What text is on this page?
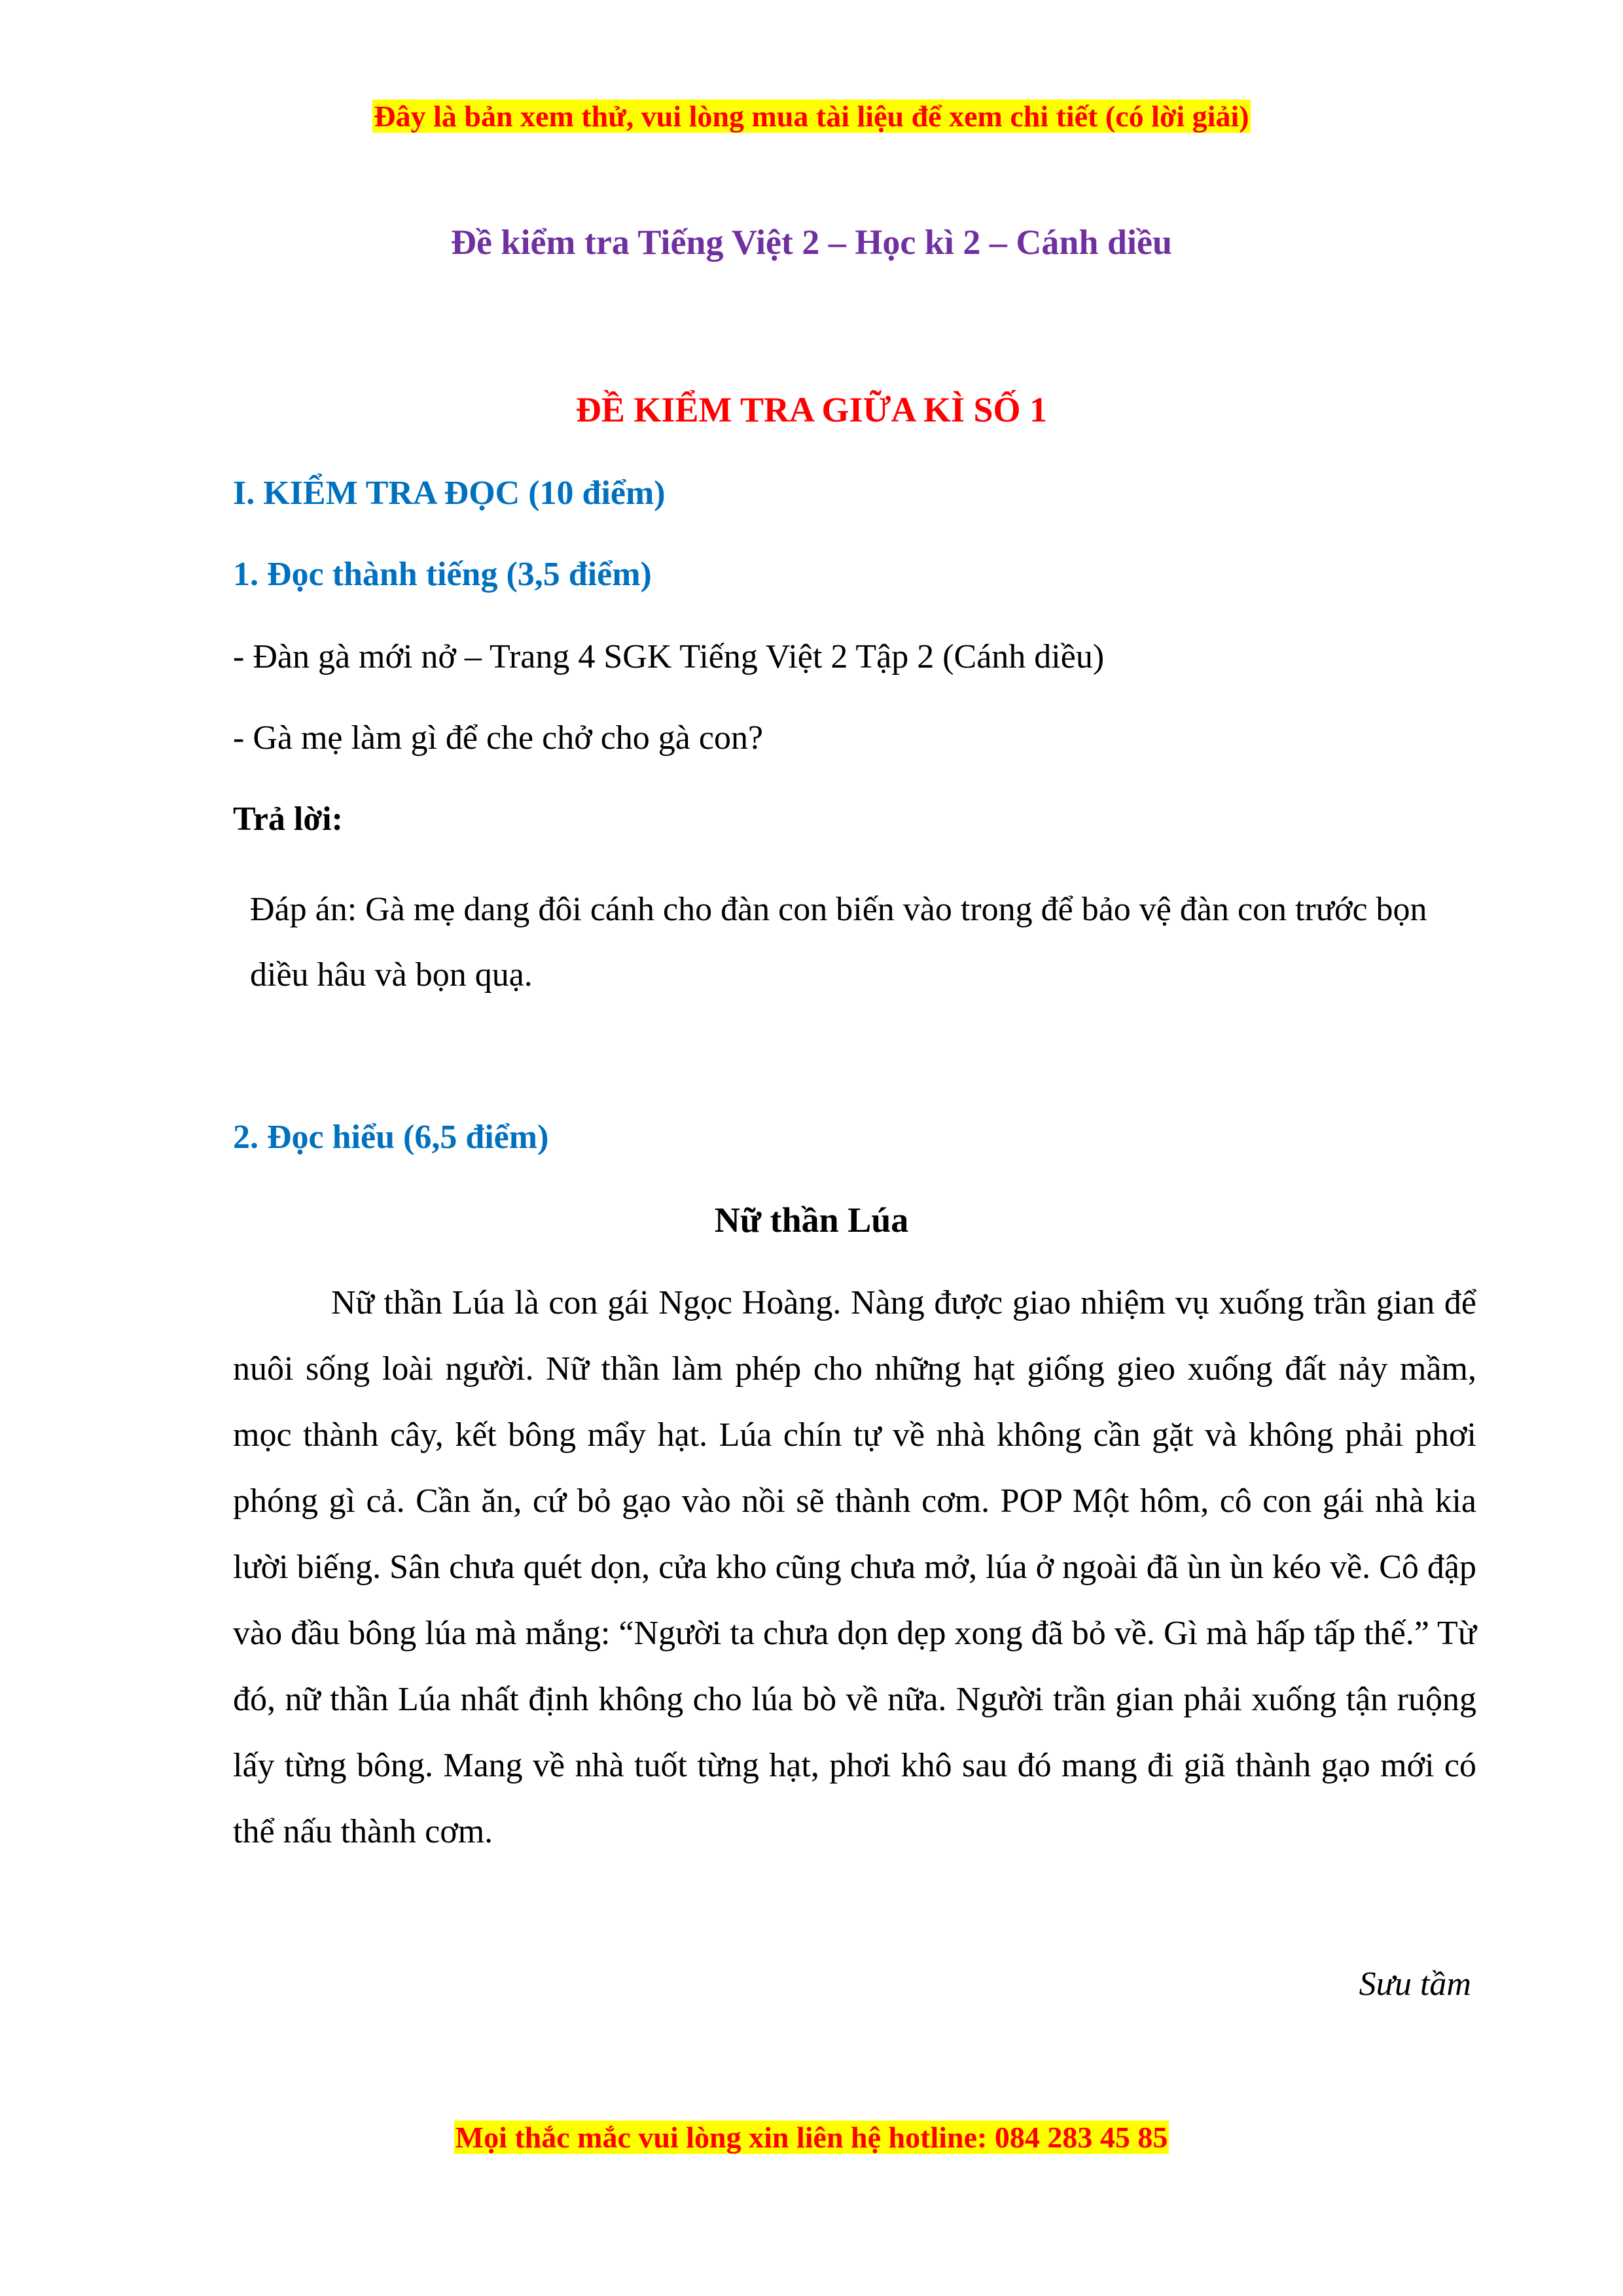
Đây là bản xem thử, vui lòng mua tài liệu để xem chi tiết (có lời giải)
Đề kiểm tra Tiếng Việt 2 – Học kì 2 – Cánh diều
ĐỀ KIỂM TRA GIỮA KÌ SỐ 1

I. KIỂM TRA ĐỌC (10 điểm)

1. Đọc thành tiếng (3,5 điểm)

- Đàn gà mới nở – Trang 4 SGK Tiếng Việt 2 Tập 2 (Cánh diều)

- Gà mẹ làm gì để che chở cho gà con?

Trả lời:

Đáp án: Gà mẹ dang đôi cánh cho đàn con biến vào trong để bảo vệ đàn con trước bọn diều hâu và bọn quạ.

2. Đọc hiểu (6,5 điểm)

Nữ thần Lúa

Nữ thần Lúa là con gái Ngọc Hoàng. Nàng được giao nhiệm vụ xuống trần gian để nuôi sống loài người. Nữ thần làm phép cho những hạt giống gieo xuống đất nảy mầm, mọc thành cây, kết bông mẩy hạt. Lúa chín tự về nhà không cần gặt và không phải phơi phóng gì cả. Cần ăn, cứ bỏ gạo vào nồi sẽ thành cơm. POP Một hôm, cô con gái nhà kia lười biếng. Sân chưa quét dọn, cửa kho cũng chưa mở, lúa ở ngoài đã ùn ùn kéo về. Cô đập vào đầu bông lúa mà mắng: “Người ta chưa dọn dẹp xong đã bỏ về. Gì mà hấp tấp thế.” Từ đó, nữ thần Lúa nhất định không cho lúa bò về nữa. Người trần gian phải xuống tận ruộng lấy từng bông. Mang về nhà tuốt từng hạt, phơi khô sau đó mang đi giã thành gạo mới có thể nấu thành cơm.

Sưu tầm
Mọi thắc mắc vui lòng xin liên hệ hotline: 084 283 45 85
